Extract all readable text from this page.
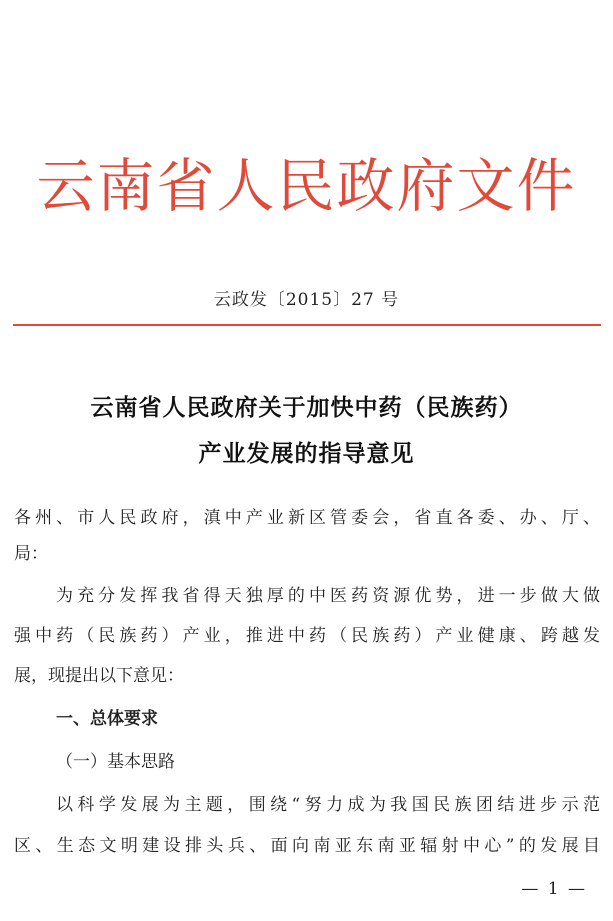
云南省人民政府文件
云政发〔2015〕27 号
云南省人民政府关于加快中药（民族药）
产业发展的指导意见
各州、市人民政府，滇中产业新区管委会，省直各委、办、厅、
局：
为充分发挥我省得天独厚的中医药资源优势，进一步做大做
强中药（民族药）产业，推进中药（民族药）产业健康、跨越发
展，现提出以下意见：
一、总体要求
（一）基本思路
以科学发展为主题，围绕“努力成为我国民族团结进步示范
区、生态文明建设排头兵、面向南亚东南亚辐射中心”的发展目
— 1 —
